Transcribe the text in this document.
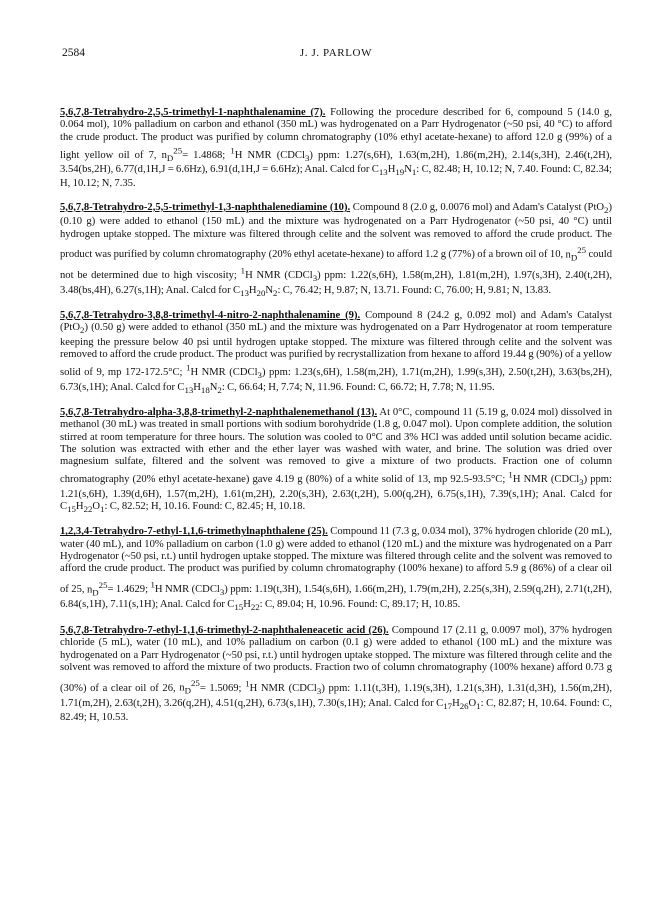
2584	J. J. PARLOW

5,6,7,8-Tetrahydro-2,5,5-trimethyl-1-naphthalenamine (7). Following the procedure described for 6, compound 5 (14.0 g, 0.064 mol), 10% palladium on carbon and ethanol (350 mL) was hydrogenated on a Parr Hydrogenator (~50 psi, 40 °C) to afford the crude product. The product was purified by column chromatography (10% ethyl acetate-hexane) to afford 12.0 g (99%) of a light yellow oil of 7, $n_D^{25}= 1.4868$; $^1$H NMR (CDCl$_3$) ppm: 1.27(s,6H), 1.63(m,2H), 1.86(m,2H), 2.14(s,3H), 2.46(t,2H), 3.54(bs,2H), 6.77(d,1H,J = 6.6Hz), 6.91(d,1H,J = 6.6Hz); Anal. Calcd for $C_{13}H_{19}N_1$: C, 82.48; H, 10.12; N, 7.40. Found: C, 82.34; H, 10.12; N, 7.35.

5,6,7,8-Tetrahydro-2,5,5-trimethyl-1,3-naphthalenediamine (10). Compound 8 (2.0 g, 0.0076 mol) and Adam's Catalyst (PtO$_2$) (0.10 g) were added to ethanol (150 mL) and the mixture was hydrogenated on a Parr Hydrogenator (~50 psi, 40 °C) until hydrogen uptake stopped. The mixture was filtered through celite and the solvent was removed to afford the crude product. The product was purified by column chromatography (20% ethyl acetate-hexane) to afford 1.2 g (77%) of a brown oil of 10, $n_D^{25}$ could not be determined due to high viscosity; $^1$H NMR (CDCl$_3$) ppm: 1.22(s,6H), 1.58(m,2H), 1.81(m,2H), 1.97(s,3H), 2.40(t,2H), 3.48(bs,4H), 6.27(s,1H); Anal. Calcd for $C_{13}H_{20}N_2$: C, 76.42; H, 9.87; N, 13.71. Found: C, 76.00; H, 9.81; N, 13.83.

5,6,7,8-Tetrahydro-3,8,8-trimethyl-4-nitro-2-naphthalenamine (9). Compound 8 (24.2 g, 0.092 mol) and Adam's Catalyst (PtO$_2$) (0.50 g) were added to ethanol (350 mL) and the mixture was hydrogenated on a Parr Hydrogenator at room temperature keeping the pressure below 40 psi until hydrogen uptake stopped. The mixture was filtered through celite and the solvent was removed to afford the crude product. The product was purified by recrystallization from hexane to afford 19.44 g (90%) of a yellow solid of 9, mp 172-172.5°C; $^1$H NMR (CDCl$_3$) ppm: 1.23(s,6H), 1.58(m,2H), 1.71(m,2H), 1.99(s,3H), 2.50(t,2H), 3.63(bs,2H), 6.73(s,1H); Anal. Calcd for $C_{13}H_{18}N_2$: C, 66.64; H, 7.74; N, 11.96. Found: C, 66.72; H, 7.78; N, 11.95.

5,6,7,8-Tetrahydro-alpha-3,8,8-trimethyl-2-naphthalenemethanol (13). At 0°C, compound 11 (5.19 g, 0.024 mol) dissolved in methanol (30 mL) was treated in small portions with sodium borohydride (1.8 g, 0.047 mol). Upon complete addition, the solution stirred at room temperature for three hours. The solution was cooled to 0°C and 3% HCl was added until solution became acidic. The solution was extracted with ether and the ether layer was washed with water, and brine. The solution was dried over magnesium sulfate, filtered and the solvent was removed to give a mixture of two products. Fraction one of column chromatography (20% ethyl acetate-hexane) gave 4.19 g (80%) of a white solid of 13, mp 92.5-93.5°C; $^1$H NMR (CDCl$_3$) ppm: 1.21(s,6H), 1.39(d,6H), 1.57(m,2H), 1.61(m,2H), 2.20(s,3H), 2.63(t,2H), 5.00(q,2H), 6.75(s,1H), 7.39(s,1H); Anal. Calcd for $C_{15}H_{22}O_1$: C, 82.52; H, 10.16. Found: C, 82.45; H, 10.18.

1,2,3,4-Tetrahydro-7-ethyl-1,1,6-trimethylnaphthalene (25). Compound 11 (7.3 g, 0.034 mol), 37% hydrogen chloride (20 mL), water (40 mL), and 10% palladium on carbon (1.0 g) were added to ethanol (120 mL) and the mixture was hydrogenated on a Parr Hydrogenator (~50 psi, r.t.) until hydrogen uptake stopped. The mixture was filtered through celite and the solvent was removed to afford the crude product. The product was purified by column chromatography (100% hexane) to afford 5.9 g (86%) of a clear oil of 25, $n_D^{25}= 1.4629$; $^1$H NMR (CDCl$_3$) ppm: 1.19(t,3H), 1.54(s,6H), 1.66(m,2H), 1.79(m,2H), 2.25(s,3H), 2.59(q,2H), 2.71(t,2H), 6.84(s,1H), 7.11(s,1H); Anal. Calcd for $C_{15}H_{22}$: C, 89.04; H, 10.96. Found: C, 89.17; H, 10.85.

5,6,7,8-Tetrahydro-7-ethyl-1,1,6-trimethyl-2-naphthaleneacetic acid (26). Compound 17 (2.11 g, 0.0097 mol), 37% hydrogen chloride (5 mL), water (10 mL), and 10% palladium on carbon (0.1 g) were added to ethanol (100 mL) and the mixture was hydrogenated on a Parr Hydrogenator (~50 psi, r.t.) until hydrogen uptake stopped. The mixture was filtered through celite and the solvent was removed to afford the mixture of two products. Fraction two of column chromatography (100% hexane) afford 0.73 g (30%) of a clear oil of 26, $n_D^{25}= 1.5069$; $^1$H NMR (CDCl$_3$) ppm: 1.11(t,3H), 1.19(s,3H), 1.21(s,3H), 1.31(d,3H), 1.56(m,2H), 1.71(m,2H), 2.63(t,2H), 3.26(q,2H), 4.51(q,2H), 6.73(s,1H), 7.30(s,1H); Anal. Calcd for $C_{17}H_{26}O_1$: C, 82.87; H, 10.64. Found: C, 82.49; H, 10.53.
